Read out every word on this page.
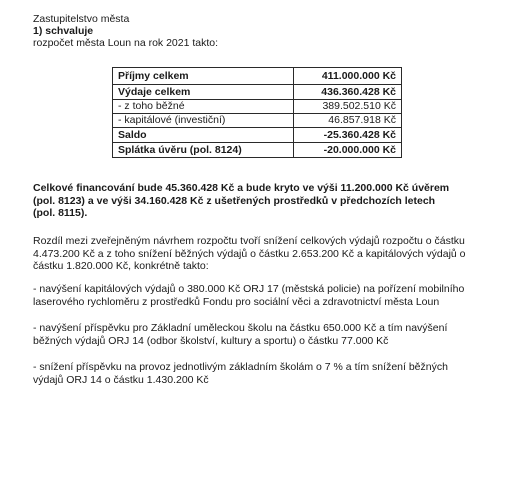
Zastupitelstvo města
1) schvaluje
rozpočet města Loun na rok 2021 takto:
Příjmy celkem	411.000.000 Kč
Výdaje celkem	436.360.428 Kč
- z toho běžné	389.502.510 Kč
- kapitálové (investiční)	46.857.918 Kč
Saldo	-25.360.428 Kč
Splátka úvěru (pol. 8124)	-20.000.000 Kč
Celkové financování bude 45.360.428 Kč a bude kryto ve výši 11.200.000 Kč úvěrem
(pol. 8123) a ve výši 34.160.428 Kč z ušetřených prostředků v předchozích letech
(pol. 8115).
Rozdíl mezi zveřejněným návrhem rozpočtu tvoří snížení celkových výdajů rozpočtu o částku
4.473.200 Kč a z toho snížení běžných výdajů o částku 2.653.200 Kč a kapitálových výdajů o
částku 1.820.000 Kč, konkrétně takto:
- navýšení kapitálových výdajů o 380.000 Kč ORJ 17 (městská policie) na pořízení mobilního
laserového rychloměru z prostředků Fondu pro sociální věci a zdravotnictví města Loun
- navýšení příspěvku pro Základní uměleckou školu na částku 650.000 Kč a tím navýšení
běžných výdajů ORJ 14 (odbor školství, kultury a sportu) o částku 77.000 Kč
- snížení příspěvku na provoz jednotlivým základním školám o 7 % a tím snížení běžných
výdajů ORJ 14 o částku 1.430.200 Kč
